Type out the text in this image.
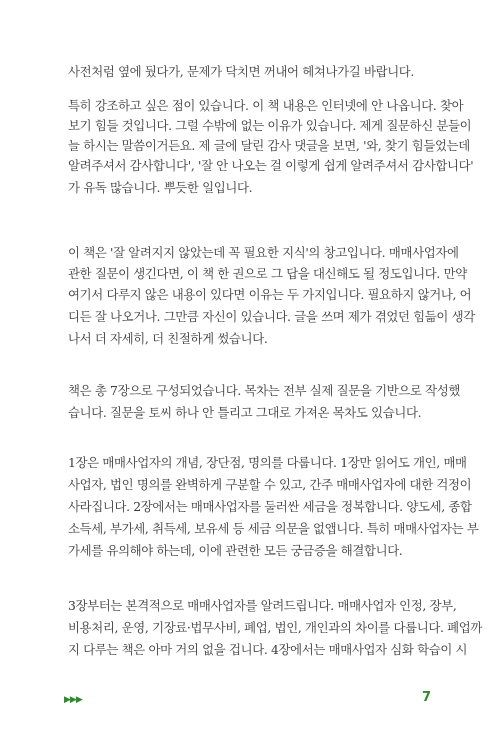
사전처럼 옆에 뒀다가, 문제가 닥치면 꺼내어 헤쳐나가길 바랍니다.
특히 강조하고 싶은 점이 있습니다. 이 책 내용은 인터넷에 안 나옵니다. 찾아
보기 힘들 것입니다. 그럴 수밖에 없는 이유가 있습니다. 제게 질문하신 분들이
늘 하시는 말씀이거든요. 제 글에 달린 감사 댓글을 보면, '와, 찾기 힘들었는데
알려주셔서 감사합니다', '잘 안 나오는 걸 이렇게 쉽게 알려주셔서 감사합니다'
가 유독 많습니다. 뿌듯한 일입니다.
이 책은 '잘 알려지지 않았는데 꼭 필요한 지식'의 창고입니다. 매매사업자에
관한 질문이 생긴다면, 이 책 한 권으로 그 답을 대신해도 될 정도입니다. 만약
여기서 다루지 않은 내용이 있다면 이유는 두 가지입니다. 필요하지 않거나, 어
디든 잘 나오거나. 그만큼 자신이 있습니다. 글을 쓰며 제가 겪었던 힘듦이 생각
나서 더 자세히, 더 친절하게 썼습니다.
책은 총 7장으로 구성되었습니다. 목차는 전부 실제 질문을 기반으로 작성했
습니다. 질문을 토씨 하나 안 틀리고 그대로 가져온 목차도 있습니다.
1장은 매매사업자의 개념, 장단점, 명의를 다룹니다. 1장만 읽어도 개인, 매매
사업자, 법인 명의를 완벽하게 구분할 수 있고, 간주 매매사업자에 대한 걱정이
사라집니다. 2장에서는 매매사업자를 둘러싼 세금을 정복합니다. 양도세, 종합
소득세, 부가세, 취득세, 보유세 등 세금 의문을 없앱니다. 특히 매매사업자는 부
가세를 유의해야 하는데, 이에 관련한 모든 궁금증을 해결합니다.
3장부터는 본격적으로 매매사업자를 알려드립니다. 매매사업자 인정, 장부,
비용처리, 운영, 기장료·법무사비, 폐업, 법인, 개인과의 차이를 다룹니다. 폐업까
지 다루는 책은 아마 거의 없을 겁니다. 4장에서는 매매사업자 심화 학습이 시
▶▶▶	7
